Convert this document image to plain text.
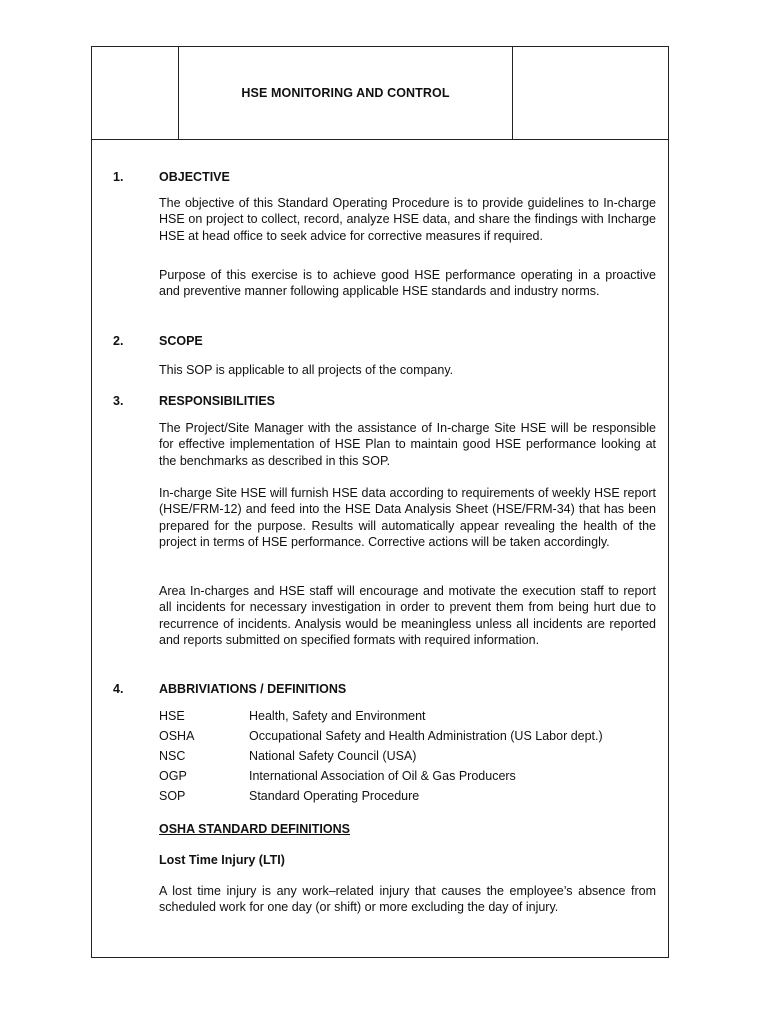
HSE MONITORING AND CONTROL
1.	OBJECTIVE
The objective of this Standard Operating Procedure is to provide guidelines to In-charge HSE on project to collect, record, analyze HSE data, and share the findings with Incharge HSE at head office to seek advice for corrective measures if required.
Purpose of this exercise is to achieve good HSE performance operating in a proactive and preventive manner following applicable HSE standards and industry norms.
2.	SCOPE
This SOP is applicable to all projects of the company.
3.	RESPONSIBILITIES
The Project/Site Manager with the assistance of In-charge Site HSE will be responsible for effective implementation of HSE Plan to maintain good HSE performance looking at the benchmarks as described in this SOP.
In-charge Site HSE will furnish HSE data according to requirements of weekly HSE report (HSE/FRM-12) and feed into the HSE Data Analysis Sheet (HSE/FRM-34) that has been prepared for the purpose. Results will automatically appear revealing the health of the project in terms of HSE performance. Corrective actions will be taken accordingly.
Area In-charges and HSE staff will encourage and motivate the execution staff to report all incidents for necessary investigation in order to prevent them from being hurt due to recurrence of incidents. Analysis would be meaningless unless all incidents are reported and reports submitted on specified formats with required information.
4.	ABBRIVIATIONS / DEFINITIONS
HSE	Health, Safety and Environment
OSHA	Occupational Safety and Health Administration (US Labor dept.)
NSC	National Safety Council (USA)
OGP	International Association of Oil & Gas Producers
SOP	Standard Operating Procedure
OSHA STANDARD DEFINITIONS
Lost Time Injury (LTI)
A lost time injury is any work–related injury that causes the employee’s absence from scheduled work for one day (or shift) or more excluding the day of injury.
